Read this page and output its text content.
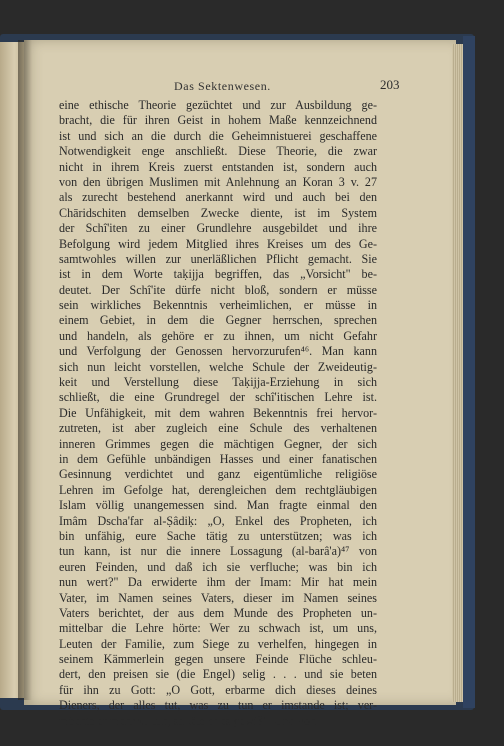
Das Sektenwesen.	203
eine ethische Theorie gezüchtet und zur Ausbildung ge-
bracht, die für ihren Geist in hohem Maße kennzeichnend
ist und sich an die durch die Geheimnistuerei geschaffene
Notwendigkeit enge anschließt. Diese Theorie, die zwar
nicht in ihrem Kreis zuerst entstanden ist, sondern auch
von den übrigen Muslimen mit Anlehnung an Koran 3 v. 27
als zurecht bestehend anerkannt wird und auch bei den
Chāridschiten demselben Zwecke diente, ist im System
der Schî'iten zu einer Grundlehre ausgebildet und ihre
Befolgung wird jedem Mitglied ihres Kreises um des Ge-
samtwohles willen zur unerläßlichen Pflicht gemacht. Sie
ist in dem Worte taḳijja begriffen, das „Vorsicht" be-
deutet. Der Schî'ite dürfe nicht bloß, sondern er müsse
sein wirkliches Bekenntnis verheimlichen, er müsse in
einem Gebiet, in dem die Gegner herrschen, sprechen
und handeln, als gehöre er zu ihnen, um nicht Gefahr
und Verfolgung der Genossen hervorzurufen⁴⁶. Man kann
sich nun leicht vorstellen, welche Schule der Zweideutig-
keit und Verstellung diese Taḳijja-Erziehung in sich
schließt, die eine Grundregel der schî'itischen Lehre ist.
Die Unfähigkeit, mit dem wahren Bekenntnis frei hervor-
zutreten, ist aber zugleich eine Schule des verhaltenen
inneren Grimmes gegen die mächtigen Gegner, der sich
in dem Gefühle unbändigen Hasses und einer fanatischen
Gesinnung verdichtet und ganz eigentümliche religiöse
Lehren im Gefolge hat, derengleichen dem rechtgläubigen
Islam völlig unangemessen sind. Man fragte einmal den
Imâm Dscha'far al-Ṣâdiḳ: „O, Enkel des Propheten, ich
bin unfähig, eure Sache tätig zu unterstützen; was ich
tun kann, ist nur die innere Lossagung (al-barâ'a)⁴⁷ von
euren Feinden, und daß ich sie verfluche; was bin ich
nun wert?" Da erwiderte ihm der Imam: Mir hat mein
Vater, im Namen seines Vaters, dieser im Namen seines
Vaters berichtet, der aus dem Munde des Propheten un-
mittelbar die Lehre hörte: Wer zu schwach ist, um uns,
Leuten der Familie, zum Siege zu verhelfen, hingegen in
seinem Kämmerlein gegen unsere Feinde Flüche schleu-
dert, den preisen sie (die Engel) selig . . . und sie beten
für ihn zu Gott: „O Gott, erbarme dich dieses deines
Dieners, der alles tut, was zu tun er imstande ist; ver-
möchte er mehr zu tun, so täte er es gewiß". Und von
